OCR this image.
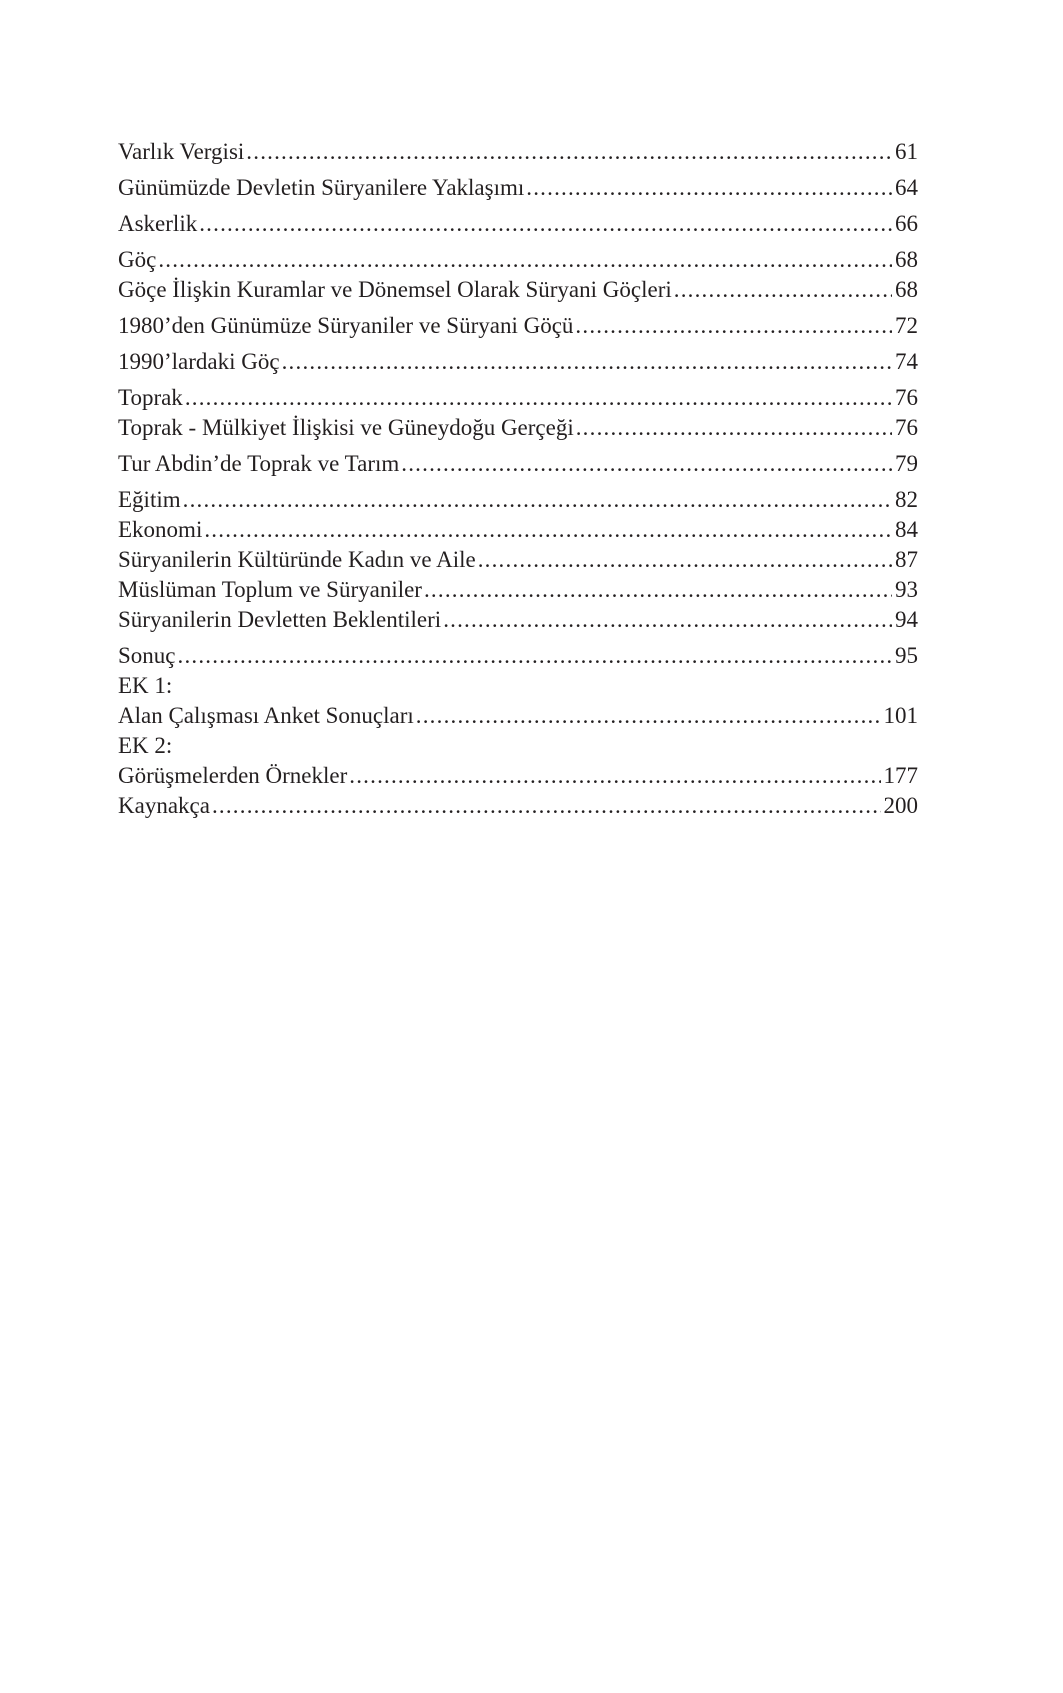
Varlık Vergisi .....	61
Günümüzde Devletin Süryanilere Yaklaşımı .....	64
Askerlik .....	66
Göç .....	68
Göçe İlişkin Kuramlar ve Dönemsel Olarak Süryani Göçleri .....	68
1980’den Günümüze Süryaniler ve Süryani Göçü .....	72
1990’lardaki Göç .....	74
Toprak .....	76
Toprak - Mülkiyet İlişkisi ve Güneydoğu Gerçeği .....	76
Tur Abdin’de Toprak ve Tarım .....	79
Eğitim .....	82
Ekonomi .....	84
Süryanilerin Kültüründe Kadın ve Aile .....	87
Müslüman Toplum ve Süryaniler .....	93
Süryanilerin Devletten Beklentileri .....	94
Sonuç .....	95
EK 1:
Alan Çalışması Anket Sonuçları .....	101
EK 2:
Görüşmelerden Örnekler .....	177
Kaynakça .....	200
